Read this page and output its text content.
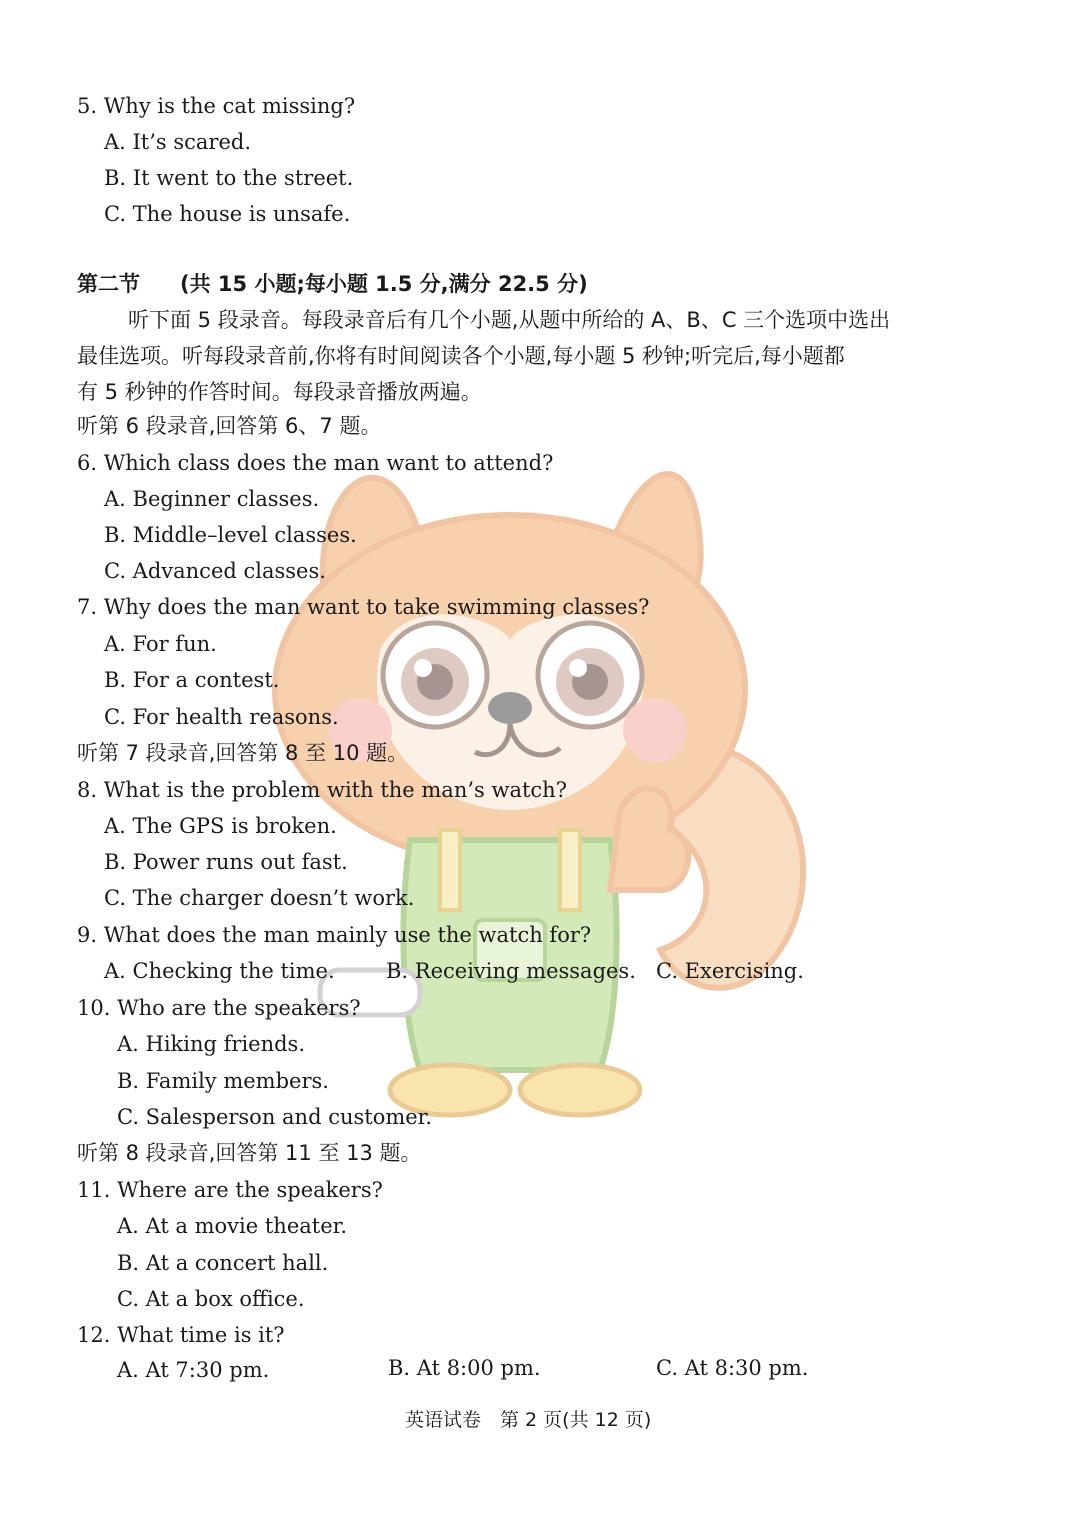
5. Why is the cat missing?
A. It’s scared.
B. It went to the street.
C. The house is unsafe.
第二节 (共 15 小题;每小题 1.5 分,满分 22.5 分)
听下面 5 段录音。每段录音后有几个小题,从题中所给的 A、B、C 三个选项中选出
最佳选项。听每段录音前,你将有时间阅读各个小题,每小题 5 秒钟;听完后,每小题都
有 5 秒钟的作答时间。每段录音播放两遍。
听第 6 段录音,回答第 6、7 题。
6. Which class does the man want to attend?
A. Beginner classes.
B. Middle–level classes.
C. Advanced classes.
7. Why does the man want to take swimming classes?
A. For fun.
B. For a contest.
C. For health reasons.
听第 7 段录音,回答第 8 至 10 题。
8. What is the problem with the man’s watch?
A. The GPS is broken.
B. Power runs out fast.
C. The charger doesn’t work.
9. What does the man mainly use the watch for?
A. Checking the time. B. Receiving messages. C. Exercising.
10. Who are the speakers?
A. Hiking friends.
B. Family members.
C. Salesperson and customer.
听第 8 段录音,回答第 11 至 13 题。
11. Where are the speakers?
A. At a movie theater.
B. At a concert hall.
C. At a box office.
12. What time is it?
A. At 7:30 pm.	B. At 8:00 pm.	C. At 8:30 pm.
英语试卷　第 2 页(共 12 页)
